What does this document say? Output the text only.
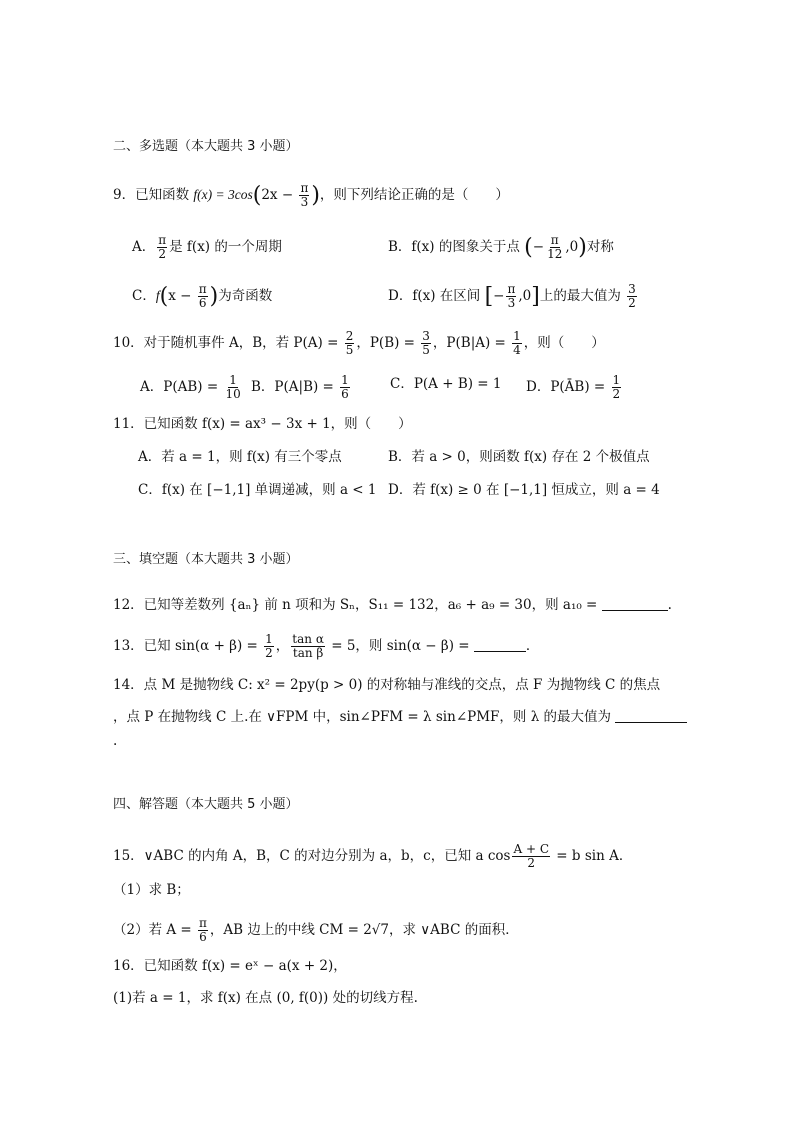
二、多选题（本大题共 3 小题）
9．已知函数 $f(x) = 3\cos(2x - \frac{\pi}{3}$ )，则下列结论正确的是（　　）
A． $\frac{\pi}{2}$ 是 f(x) 的一个周期	B．f(x) 的图象关于点 (− $\frac{\pi}{12} ,0$)对称
C．$f(x - \frac{\pi}{6}$ )为奇函数	D．f(x) 在区间 [− $\frac{\pi}{3} ,0$]上的最大值为 $\frac{3}{2}$
10．对于随机事件 A，B，若 $P(A) = \frac{2}{5}$ ，$P(B) = \frac{3}{5}$ ，$P(B|A) = \frac{1}{4}$ ，则（　　）
A．$P(AB) = \frac{1}{10}$ B．$P(A|B) = \frac{1}{6}$	C．P(A + B) = 1 D．P(ĀB) = $\frac{1}{2}$
11．已知函数 f(x) = ax³ − 3x + 1，则（　　）
A．若 a = 1，则 f(x) 有三个零点	B．若 a > 0，则函数 f(x) 存在 2 个极值点
C．f(x) 在 [−1,1] 单调递减，则 a < 1 D．若 f(x) ≥ 0 在 [−1,1] 恒成立，则 a = 4
三、填空题（本大题共 3 小题）
12．已知等差数列 {aₙ} 前 n 项和为 Sₙ，S₁₁ = 132，a₆ + a₉ = 30，则 a₁₀ =	.
13．已知 $\sin(\alpha + \beta) = \frac{1}{2}$ ， $\frac{\text{tan α}}{\text{tan β}} = 5$，则 sin(α − β) =	．
14．点 M 是抛物线 C: x² = 2py(p > 0) 的对称轴与准线的交点，点 F 为抛物线 C 的焦点
，点 P 在抛物线 C 上.在 ∨FPM 中，sin∠PFM = λ sin∠PMF，则 λ 的最大值为
.
四、解答题（本大题共 5 小题）
15．∨ABC 的内角 A，B，C 的对边分别为 a，b，c，已知 a $\cos \frac{A + C}{2} = b$ sin A．
（1）求 B；
（2）若 $A = \frac{\pi}{6}$ ，AB 边上的中线 CM = 2√7，求 ∨ABC 的面积．
16．已知函数 f(x) = eˣ − a(x + 2)，
(1)若 a = 1，求 f(x) 在点 (0, f(0)) 处的切线方程.
